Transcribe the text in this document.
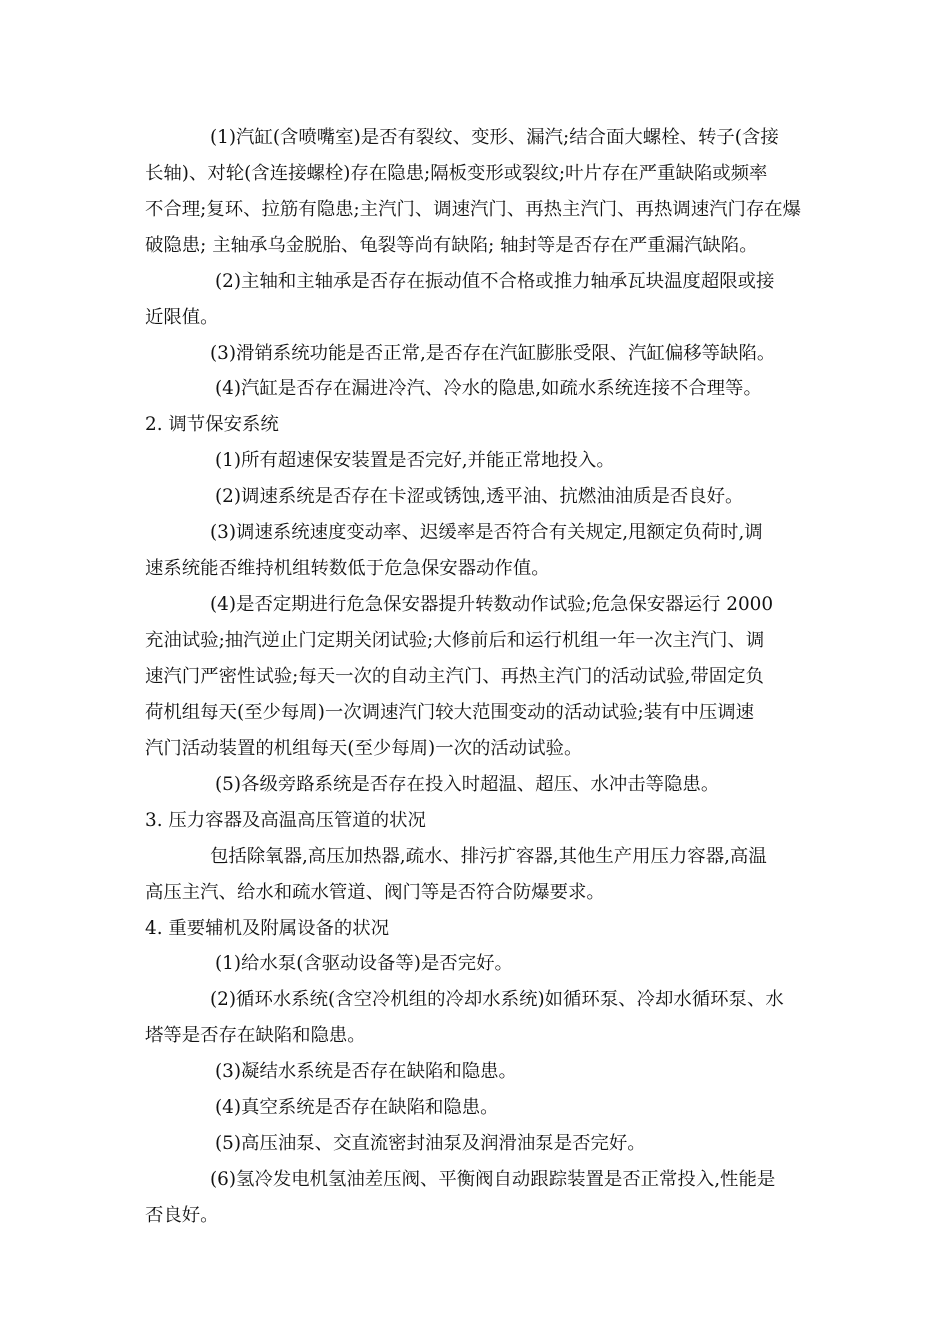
(1)汽缸(含喷嘴室)是否有裂纹、变形、漏汽;结合面大螺栓、转子(含接
长轴)、对轮(含连接螺栓)存在隐患;隔板变形或裂纹;叶片存在严重缺陷或频率
不合理;复环、拉筋有隐患;主汽门、调速汽门、再热主汽门、再热调速汽门存在爆
破隐患; 主轴承乌金脱胎、龟裂等尚有缺陷; 轴封等是否存在严重漏汽缺陷。
(2)主轴和主轴承是否存在振动值不合格或推力轴承瓦块温度超限或接
近限值。
(3)滑销系统功能是否正常,是否存在汽缸膨胀受限、汽缸偏移等缺陷。
(4)汽缸是否存在漏进冷汽、冷水的隐患,如疏水系统连接不合理等。
2. 调节保安系统
(1)所有超速保安装置是否完好,并能正常地投入。
(2)调速系统是否存在卡涩或锈蚀,透平油、抗燃油油质是否良好。
(3)调速系统速度变动率、迟缓率是否符合有关规定,甩额定负荷时,调
速系统能否维持机组转数低于危急保安器动作值。
(4)是否定期进行危急保安器提升转数动作试验;危急保安器运行 2000
充油试验;抽汽逆止门定期关闭试验;大修前后和运行机组一年一次主汽门、调
速汽门严密性试验;每天一次的自动主汽门、再热主汽门的活动试验,带固定负
荷机组每天(至少每周)一次调速汽门较大范围变动的活动试验;装有中压调速
汽门活动装置的机组每天(至少每周)一次的活动试验。
(5)各级旁路系统是否存在投入时超温、超压、水冲击等隐患。
3. 压力容器及高温高压管道的状况
包括除氧器,高压加热器,疏水、排污扩容器,其他生产用压力容器,高温
高压主汽、给水和疏水管道、阀门等是否符合防爆要求。
4. 重要辅机及附属设备的状况
(1)给水泵(含驱动设备等)是否完好。
(2)循环水系统(含空冷机组的冷却水系统)如循环泵、冷却水循环泵、水
塔等是否存在缺陷和隐患。
(3)凝结水系统是否存在缺陷和隐患。
(4)真空系统是否存在缺陷和隐患。
(5)高压油泵、交直流密封油泵及润滑油泵是否完好。
(6)氢冷发电机氢油差压阀、平衡阀自动跟踪装置是否正常投入,性能是
否良好。
